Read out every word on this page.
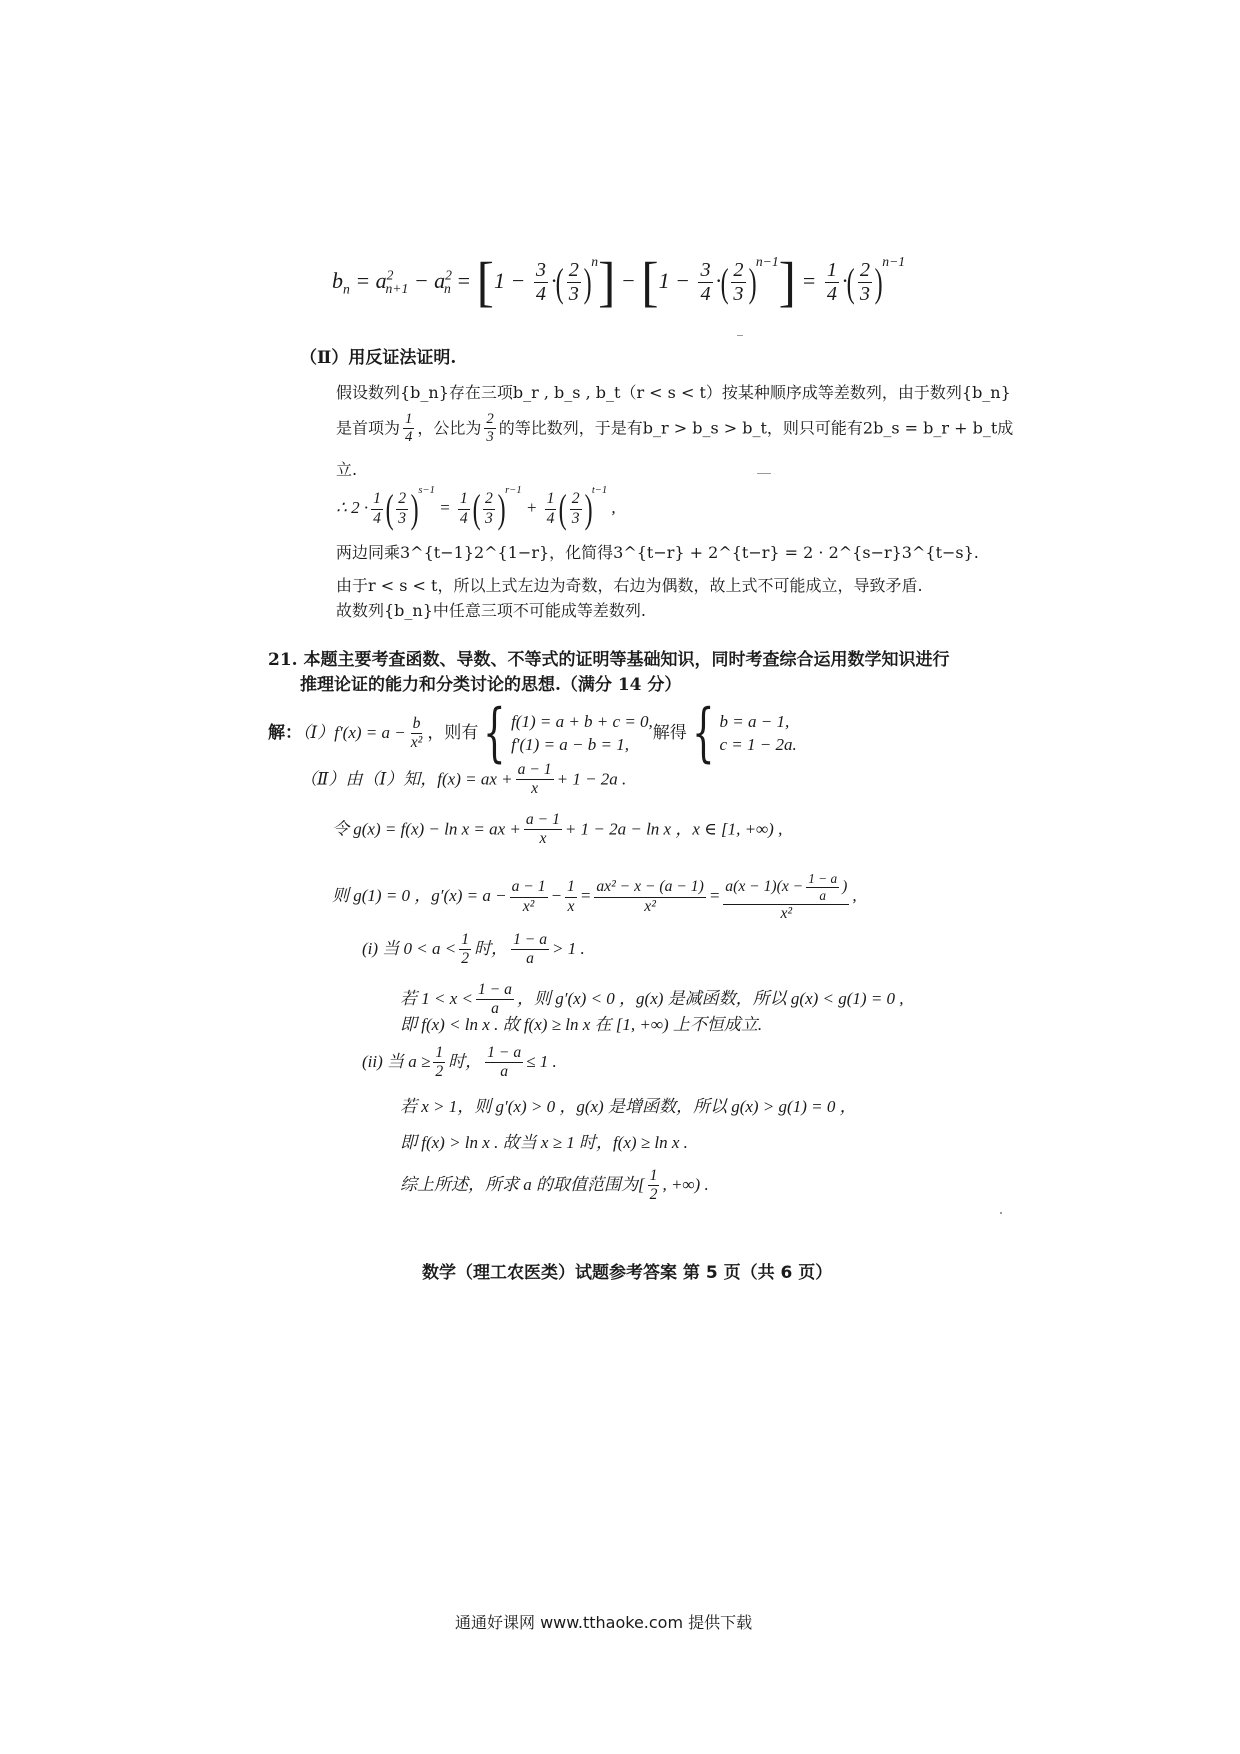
$b_n = a^2_{n+1} - a^2_n = [1 - \frac{3}{4}$ ·( $\frac{2}{3} )^n] - [1 - \frac{3}{4}$ ·( $\frac{2}{3} )^{n-1}] = \frac{1}{4}$ ·( $\frac{2}{3} )^{n-1}$
（Ⅱ）用反证法证明.
假设数列{b_n}存在三项b_r , b_s , b_t（r < s < t）按某种顺序成等差数列，由于数列{b_n}
是首项为 $\frac{1}{4}$ ，公比为 $\frac{2}{3}$ 的等比数列，于是有b_r > b_s > b_t，则只可能有2b_s = b_r + b_t成
立.
∴ $2 \cdot \frac{1}{4}$ ( $\frac{2}{3} )^{s-1} = \frac{1}{4}$ ( $\frac{2}{3} )^{r-1} + \frac{1}{4}$ ( $\frac{2}{3} )^{t-1}$ ,
两边同乘3^{t−1}2^{1−r}，化简得3^{t−r} + 2^{t−r} = 2 · 2^{s−r}3^{t−s}.
由于r < s < t，所以上式左边为奇数，右边为偶数，故上式不可能成立，导致矛盾.
故数列{b_n}中任意三项不可能成等差数列.
21. 本题主要考查函数、导数、不等式的证明等基础知识，同时考查综合运用数学知识进行
推理论证的能力和分类讨论的思想.（满分 14 分）
解：（Ⅰ）f′(x) = $a - \frac{b}{\text{x²}}$ ，则有{ f(1) = a + b + c = 0,
f′(1) = a − b = 1,
解得{ b = a − 1,
c = 1 − 2a.
（Ⅱ）由（Ⅰ）知，f(x) = ax + $\frac{a - 1}{x} + 1 - 2a$ .
令 g(x) = f(x) − ln x = ax + $\frac{a - 1}{x} + 1 - 2a - \ln x$ ，x ∈ [1, +∞) ,
则 g(1) = 0 ，$g'(x) = a - \frac{a - 1}{\text{x²}} - \frac{1}{x} = \frac{\text{ax² − x − (a − 1)}}{\text{x²}} = \frac{a(x - 1)(x - \frac{1 - a}{a} )}{\text{x²}}$ ,
(i) 当 $0 < a < \frac{1}{2}$ 时， $\frac{1 - a}{a} > 1$ .
若 $1 < x < \frac{1 - a}{a}$ ，则 g′(x) < 0 ，g(x) 是减函数，所以 g(x) < g(1) = 0 ,
即 f(x) < ln x . 故 f(x) ≥ ln x 在 [1, +∞) 上不恒成立.
(ii) 当 $a \ge \frac{1}{2}$ 时， $\frac{1 - a}{a} \le 1$ .
若 x > 1，则 g′(x) > 0 ，g(x) 是增函数，所以 g(x) > g(1) = 0 ，
即 f(x) > ln x . 故当 x ≥ 1 时，f(x) ≥ ln x .
综上所述，所求 a 的取值范围为[ $\frac{1}{2}$ , +∞) .
数学（理工农医类）试题参考答案 第 5 页（共 6 页）
通通好课网 www.tthaoke.com 提供下载
